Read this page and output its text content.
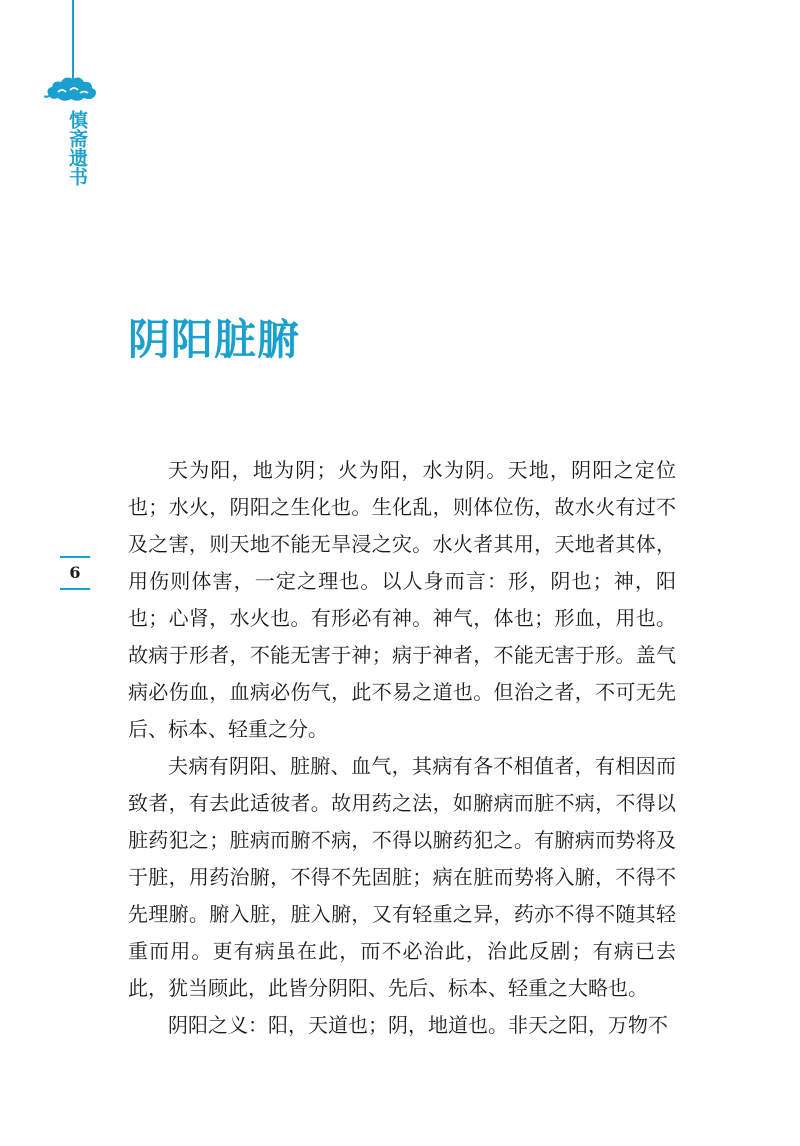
慎斋遗书
阴阳脏腑
6

天为阳，地为阴；火为阳，水为阴。天地，阴阳之定位也；水火，阴阳之生化也。生化乱，则体位伤，故水火有过不及之害，则天地不能无旱浸之灾。水火者其用，天地者其体，用伤则体害，一定之理也。以人身而言：形，阴也；神，阳也；心肾，水火也。有形必有神。神气，体也；形血，用也。故病于形者，不能无害于神；病于神者，不能无害于形。盖气病必伤血，血病必伤气，此不易之道也。但治之者，不可无先后、标本、轻重之分。

夫病有阴阳、脏腑、血气，其病有各不相值者，有相因而致者，有去此适彼者。故用药之法，如腑病而脏不病，不得以脏药犯之；脏病而腑不病，不得以腑药犯之。有腑病而势将及于脏，用药治腑，不得不先固脏；病在脏而势将入腑，不得不先理腑。腑入脏，脏入腑，又有轻重之异，药亦不得不随其轻重而用。更有病虽在此，而不必治此，治此反剧；有病已去此，犹当顾此，此皆分阴阳、先后、标本、轻重之大略也。

阴阳之义：阳，天道也；阴，地道也。非天之阳，万物不
